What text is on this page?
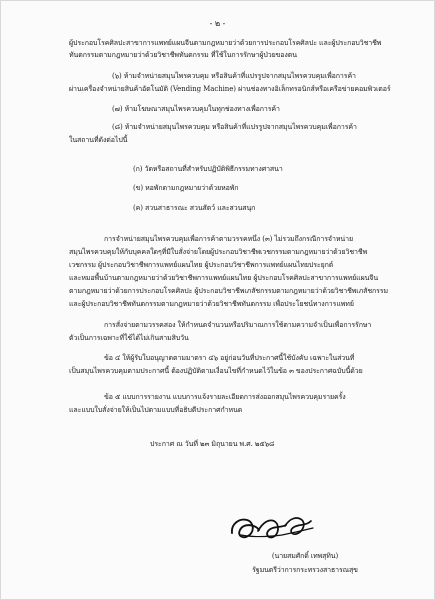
- ๒ -
ผู้ประกอบโรคศิลปะสาขาการแพทย์แผนจีนตามกฎหมายว่าด้วยการประกอบโรคศิลปะ และผู้ประกอบวิชาชีพ
ทันตกรรมตามกฎหมายว่าด้วยวิชาชีพทันตกรรม ที่ใช้ในการรักษาผู้ป่วยของตน
(๖) ห้ามจำหน่ายสมุนไพรควบคุม หรือสินค้าที่แปรรูปจากสมุนไพรควบคุมเพื่อการค้า
ผ่านเครื่องจำหน่ายสินค้าอัตโนมัติ (Vending Machine) ผ่านช่องทางอิเล็กทรอนิกส์หรือเครือข่ายคอมพิวเตอร์
(๗) ห้ามโฆษณาสมุนไพรควบคุมในทุกช่องทางเพื่อการค้า
(๘) ห้ามจำหน่ายสมุนไพรควบคุม หรือสินค้าที่แปรรูปจากสมุนไพรควบคุมเพื่อการค้า
ในสถานที่ดังต่อไปนี้
(ก) วัดหรือสถานที่สำหรับปฏิบัติพิธีกรรมทางศาสนา
(ข) หอพักตามกฎหมายว่าด้วยหอพัก
(ค) สวนสาธารณะ สวนสัตว์ และสวนสนุก
การจำหน่ายสมุนไพรควบคุมเพื่อการค้าตามวรรคหนึ่ง (๓) ไม่รวมถึงกรณีการจำหน่าย
สมุนไพรควบคุมให้กับบุคคลใดๆที่มีใบสั่งจ่ายโดยผู้ประกอบวิชาชีพเวชกรรมตามกฎหมายว่าด้วยวิชาชีพ
เวชกรรม ผู้ประกอบวิชาชีพการแพทย์แผนไทย ผู้ประกอบวิชาชีพการแพทย์แผนไทยประยุกต์
และหมอพื้นบ้านตามกฎหมายว่าด้วยวิชาชีพการแพทย์แผนไทย ผู้ประกอบโรคศิลปะสาขาการแพทย์แผนจีน
ตามกฎหมายว่าด้วยการประกอบโรคศิลปะ ผู้ประกอบวิชาชีพเภสัชกรรมตามกฎหมายว่าด้วยวิชาชีพเภสัชกรรม
และผู้ประกอบวิชาชีพทันตกรรมตามกฎหมายว่าด้วยวิชาชีพทันตกรรม เพื่อประโยชน์ทางการแพทย์
การสั่งจ่ายตามวรรคสอง ให้กำหนดจำนวนหรือปริมาณการใช้ตามความจำเป็นเพื่อการรักษา
ตัวเป็นการเฉพาะที่ใช้ได้ไม่เกินสามสิบวัน
ข้อ ๔ ให้ผู้รับใบอนุญาตตามมาตรา ๔๖ อยู่ก่อนวันที่ประกาศนี้ใช้บังคับ เฉพาะในส่วนที่
เป็นสมุนไพรควบคุมตามประกาศนี้ ต้องปฏิบัติตามเงื่อนไขที่กำหนดไว้ในข้อ ๓ ของประกาศฉบับนี้ด้วย
ข้อ ๕ แบบการรายงาน แบบการแจ้งรายละเอียดการส่งออกสมุนไพรควบคุมรายครั้ง
และแบบใบสั่งจ่ายให้เป็นไปตามแบบที่อธิบดีประกาศกำหนด
ประกาศ ณ วันที่ ๒๓ มิถุนายน พ.ศ. ๒๕๖๘
(นายสมศักดิ์ เทพสุทิน)
รัฐมนตรีว่าการกระทรวงสาธารณสุข
